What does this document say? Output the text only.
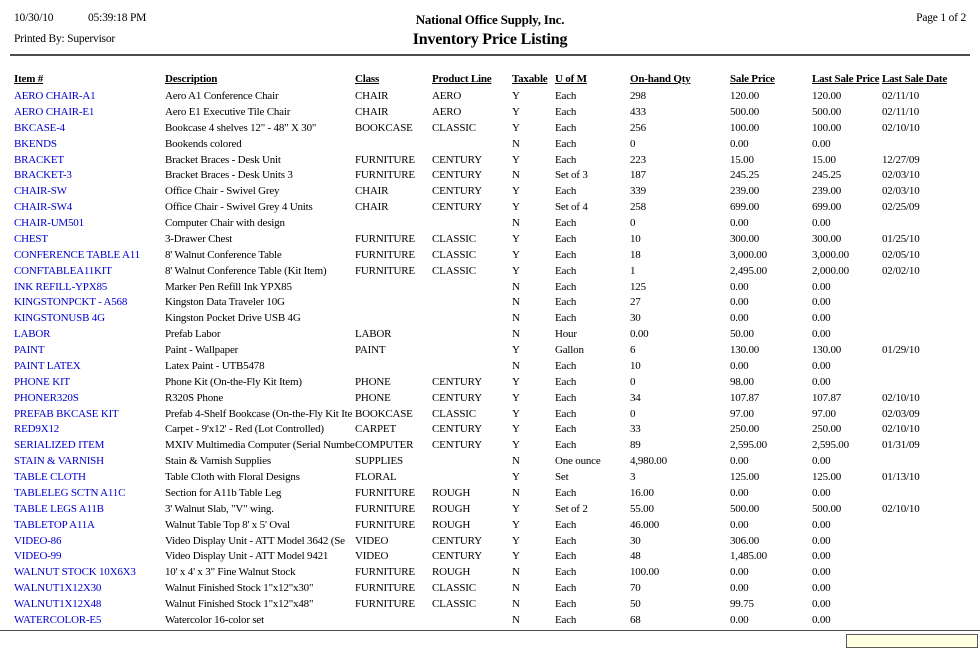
10/30/10	05:39:18 PM	National Office Supply, Inc.	Page 1 of 2
Printed By: Supervisor	Inventory Price Listing
Item #	Description	Class	Product Line	Taxable	U of M	On-hand Qty	Sale Price	Last Sale Price	Last Sale Date
AERO CHAIR-A1	Aero A1 Conference Chair	CHAIR	AERO	Y	Each	298	120.00	120.00	02/11/10
AERO CHAIR-E1	Aero E1 Executive Tile Chair	CHAIR	AERO	Y	Each	433	500.00	500.00	02/11/10
BKCASE-4	Bookcase 4 shelves 12" - 48" X 30"	BOOKCASE	CLASSIC	Y	Each	256	100.00	100.00	02/10/10
BKENDS	Bookends colored			N	Each	0	0.00	0.00	
BRACKET	Bracket Braces - Desk Unit	FURNITURE	CENTURY	Y	Each	223	15.00	15.00	12/27/09
BRACKET-3	Bracket Braces - Desk Units 3	FURNITURE	CENTURY	N	Set of 3	187	245.25	245.25	02/03/10
CHAIR-SW	Office Chair - Swivel Grey	CHAIR	CENTURY	Y	Each	339	239.00	239.00	02/03/10
CHAIR-SW4	Office Chair - Swivel Grey 4 Units	CHAIR	CENTURY	Y	Set of 4	258	699.00	699.00	02/25/09
CHAIR-UM501	Computer Chair with design			N	Each	0	0.00	0.00	
CHEST	3-Drawer Chest	FURNITURE	CLASSIC	Y	Each	10	300.00	300.00	01/25/10
CONFERENCE TABLE A11	8' Walnut Conference Table	FURNITURE	CLASSIC	Y	Each	18	3,000.00	3,000.00	02/05/10
CONFTABLEA11KIT	8' Walnut Conference Table (Kit Item)	FURNITURE	CLASSIC	Y	Each	1	2,495.00	2,000.00	02/02/10
INK REFILL-YPX85	Marker Pen Refill Ink YPX85			N	Each	125	0.00	0.00	
KINGSTONPCKT - A568	Kingston Data Traveler 10G			N	Each	27	0.00	0.00	
KINGSTONUSB 4G	Kingston Pocket Drive USB 4G			N	Each	30	0.00	0.00	
LABOR	Prefab Labor	LABOR		N	Hour	0.00	50.00	0.00	
PAINT	Paint - Wallpaper	PAINT		Y	Gallon	6	130.00	130.00	01/29/10
PAINT LATEX	Latex Paint - UTB5478			N	Each	10	0.00	0.00	
PHONE KIT	Phone Kit (On-the-Fly Kit Item)	PHONE	CENTURY	Y	Each	0	98.00	0.00	
PHONER320S	R320S Phone	PHONE	CENTURY	Y	Each	34	107.87	107.87	02/10/10
PREFAB BKCASE KIT	Prefab 4-Shelf Bookcase (On-the-Fly Kit Ite	BOOKCASE	CLASSIC	Y	Each	0	97.00	97.00	02/03/09
RED9X12	Carpet - 9'x12' - Red (Lot Controlled)	CARPET	CENTURY	Y	Each	33	250.00	250.00	02/10/10
SERIALIZED ITEM	MXIV Multimedia Computer (Serial Numbe	COMPUTER	CENTURY	Y	Each	89	2,595.00	2,595.00	01/31/09
STAIN & VARNISH	Stain & Varnish Supplies	SUPPLIES		N	One ounce	4,980.00	0.00	0.00	
TABLE CLOTH	Table Cloth with Floral Designs	FLORAL		Y	Set	3	125.00	125.00	01/13/10
TABLELEG SCTN A11C	Section for A11b Table Leg	FURNITURE	ROUGH	N	Each	16.00	0.00	0.00	
TABLE LEGS A11B	3' Walnut Slab, "V" wing.	FURNITURE	ROUGH	Y	Set of 2	55.00	500.00	500.00	02/10/10
TABLETOP A11A	Walnut Table Top 8' x 5' Oval	FURNITURE	ROUGH	Y	Each	46.000	0.00	0.00	
VIDEO-86	Video Display Unit - ATT Model 3642 (Se	VIDEO	CENTURY	Y	Each	30	306.00	0.00	
VIDEO-99	Video Display Unit - ATT Model 9421	VIDEO	CENTURY	Y	Each	48	1,485.00	0.00	
WALNUT STOCK 10X6X3	10' x 4' x 3" Fine Walnut Stock	FURNITURE	ROUGH	N	Each	100.00	0.00	0.00	
WALNUT1X12X30	Walnut Finished Stock 1"x12"x30"	FURNITURE	CLASSIC	N	Each	70	0.00	0.00	
WALNUT1X12X48	Walnut Finished Stock 1"x12"x48"	FURNITURE	CLASSIC	N	Each	50	99.75	0.00	
WATERCOLOR-E5	Watercolor 16-color set			N	Each	68	0.00	0.00	
